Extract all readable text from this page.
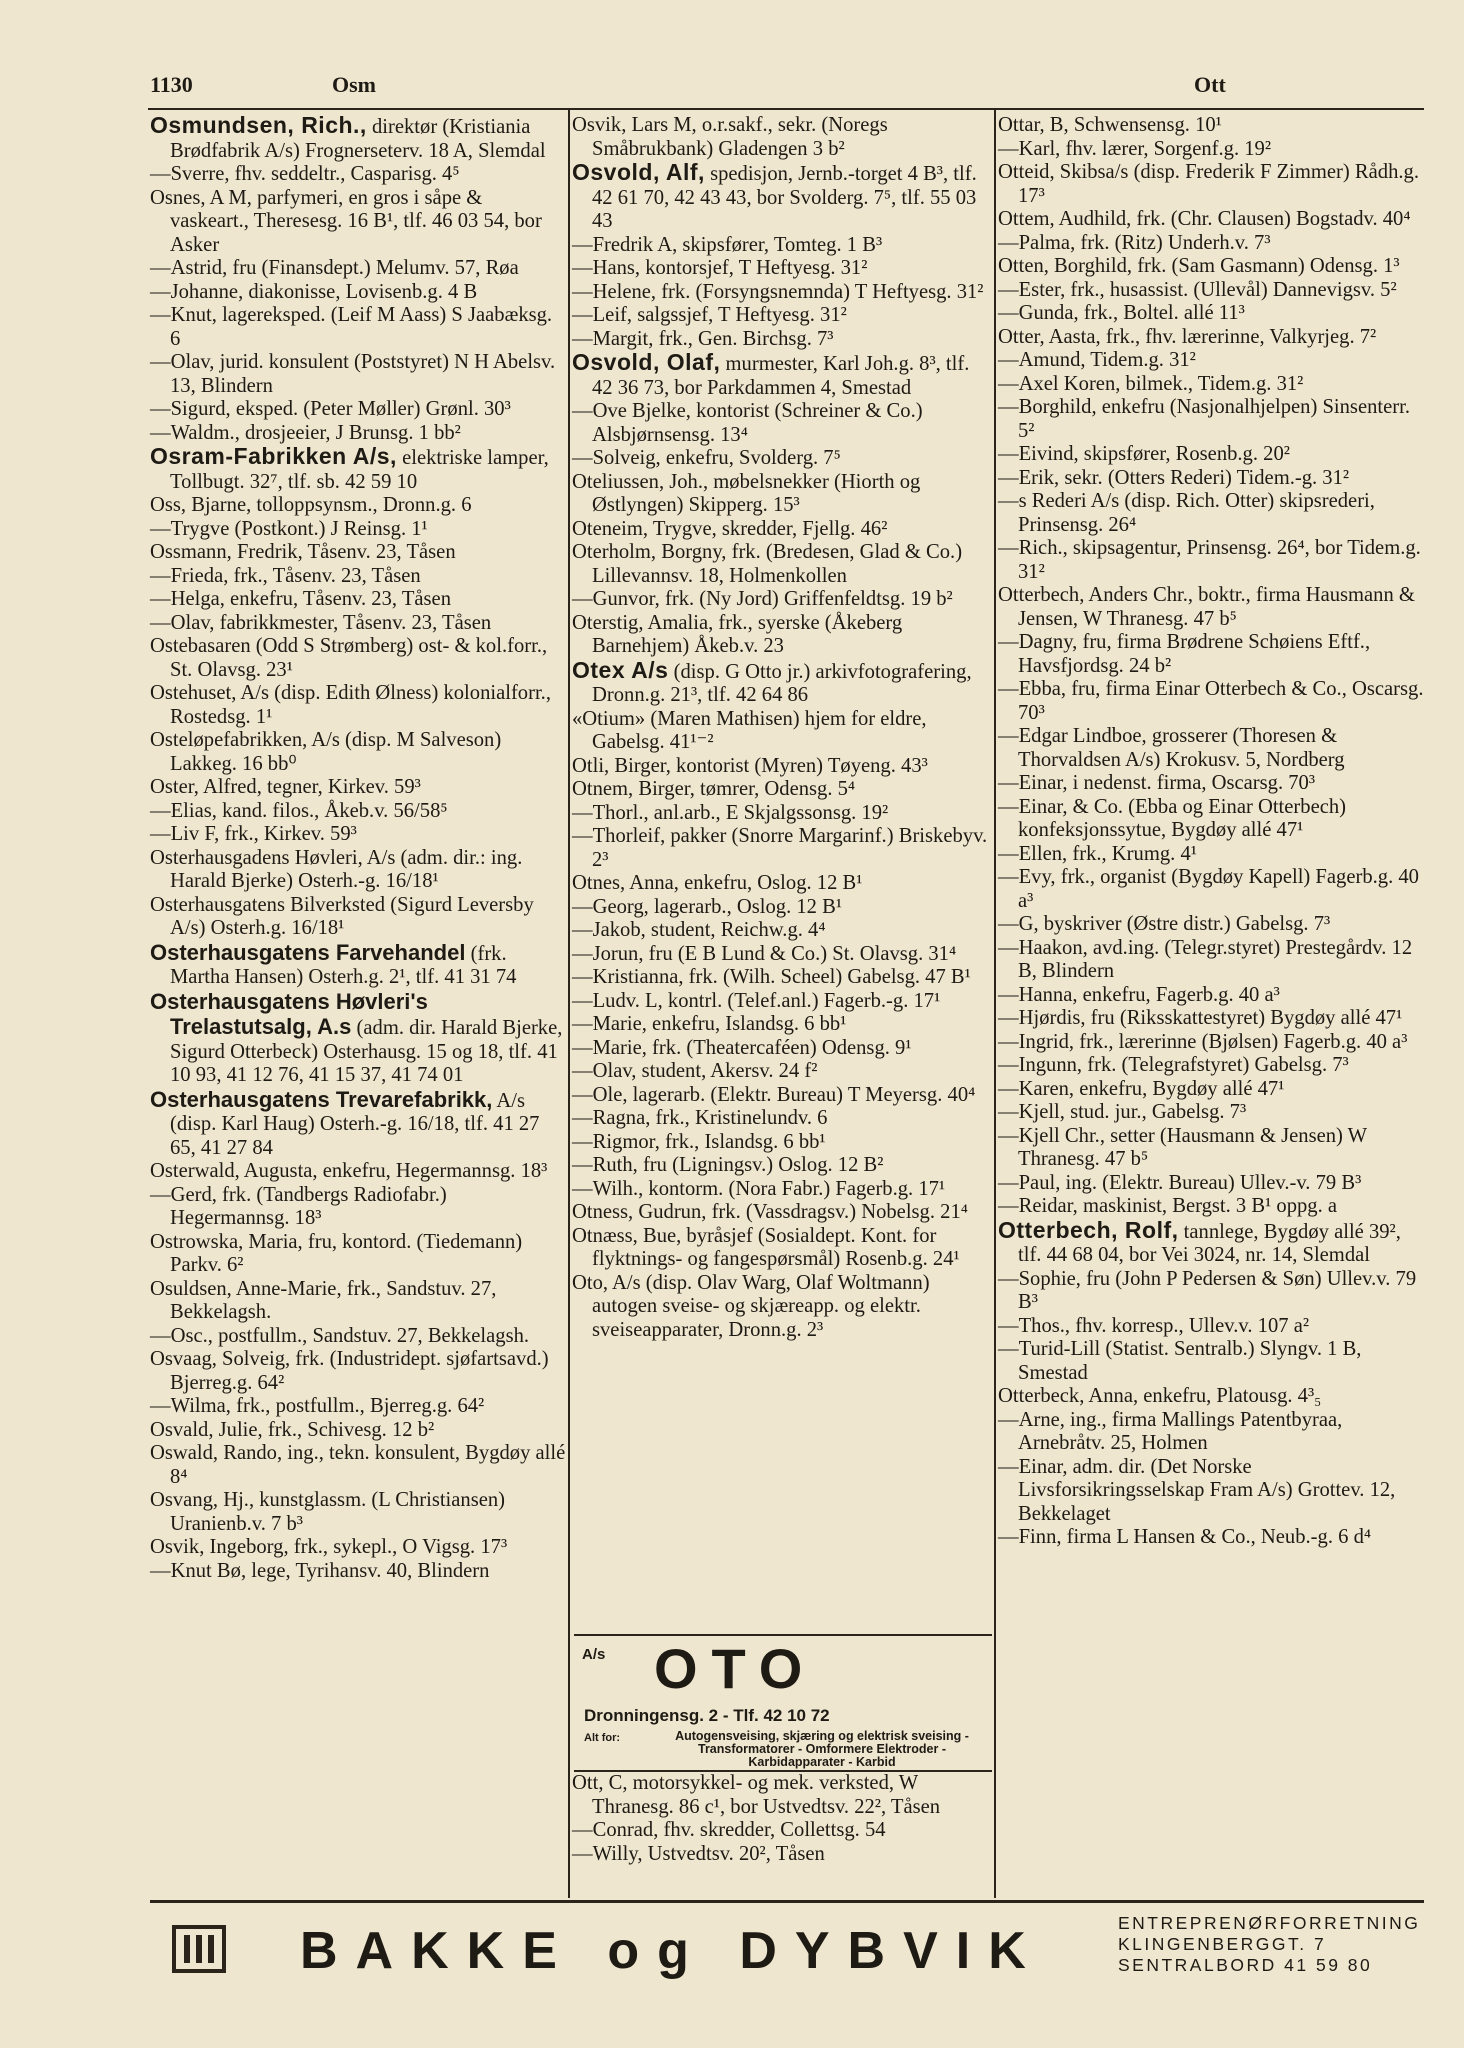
1130	Osm	Ott

Osmundsen, Rich., direktør (Kristiania Brødfabrik A/s) Frognerseterv. 18 A, Slemdal

—Sverre, fhv. seddeltr., Casparisg. 4⁵

Osnes, A M, parfymeri, en gros i såpe & vaskeart., Theresesg. 16 B¹, tlf. 46 03 54, bor Asker

—Astrid, fru (Finansdept.) Melumv. 57, Røa

—Johanne, diakonisse, Lovisenb.g. 4 B

—Knut, lagereksped. (Leif M Aass) S Jaabæksg. 6

—Olav, jurid. konsulent (Poststyret) N H Abelsv. 13, Blindern

—Sigurd, eksped. (Peter Møller) Grønl. 30³

—Waldm., drosjeeier, J Brunsg. 1 bb²

Osram-Fabrikken A/s, elektriske lamper, Tollbugt. 32⁷, tlf. sb. 42 59 10

Oss, Bjarne, tolloppsynsm., Dronn.g. 6

—Trygve (Postkont.) J Reinsg. 1¹

Ossmann, Fredrik, Tåsenv. 23, Tåsen

—Frieda, frk., Tåsenv. 23, Tåsen

—Helga, enkefru, Tåsenv. 23, Tåsen

—Olav, fabrikkmester, Tåsenv. 23, Tåsen

Ostebasaren (Odd S Strømberg) ost- & kol.forr., St. Olavsg. 23¹

Ostehuset, A/s (disp. Edith Ølness) kolonialforr., Rostedsg. 1¹

Osteløpefabrikken, A/s (disp. M Salveson) Lakkeg. 16 bb⁰

Oster, Alfred, tegner, Kirkev. 59³

—Elias, kand. filos., Åkeb.v. 56/58⁵

—Liv F, frk., Kirkev. 59³

Osterhausgadens Høvleri, A/s (adm. dir.: ing. Harald Bjerke) Osterh.-g. 16/18¹

Osterhausgatens Bilverksted (Sigurd Leversby A/s) Osterh.g. 16/18¹

Osterhausgatens Farvehandel (frk. Martha Hansen) Osterh.g. 2¹, tlf. 41 31 74

Osterhausgatens Høvleri's Trelastutsalg, A.s (adm. dir. Harald Bjerke, Sigurd Otterbeck) Osterhausg. 15 og 18, tlf. 41 10 93, 41 12 76, 41 15 37, 41 74 01

Osterhausgatens Trevarefabrikk, A/s (disp. Karl Haug) Osterh.-g. 16/18, tlf. 41 27 65, 41 27 84

Osterwald, Augusta, enkefru, Hegermannsg. 18³

—Gerd, frk. (Tandbergs Radiofabr.) Hegermannsg. 18³

Ostrowska, Maria, fru, kontord. (Tiedemann) Parkv. 6²

Osuldsen, Anne-Marie, frk., Sandstuv. 27, Bekkelagsh.

—Osc., postfullm., Sandstuv. 27, Bekkelagsh.

Osvaag, Solveig, frk. (Industridept. sjøfartsavd.) Bjerreg.g. 64²

—Wilma, frk., postfullm., Bjerreg.g. 64²

Osvald, Julie, frk., Schivesg. 12 b²

Oswald, Rando, ing., tekn. konsulent, Bygdøy allé 8⁴

Osvang, Hj., kunstglassm. (L Christiansen) Uranienb.v. 7 b³

Osvik, Ingeborg, frk., sykepl., O Vigsg. 17³

—Knut Bø, lege, Tyrihansv. 40, Blindern

Osvik, Lars M, o.r.sakf., sekr. (Noregs Småbrukbank) Gladengen 3 b²

Osvold, Alf, spedisjon, Jernb.-torget 4 B³, tlf. 42 61 70, 42 43 43, bor Svolderg. 7⁵, tlf. 55 03 43

—Fredrik A, skipsfører, Tomteg. 1 B³

—Hans, kontorsjef, T Heftyesg. 31²

—Helene, frk. (Forsyngsnemnda) T Heftyesg. 31²

—Leif, salgssjef, T Heftyesg. 31²

—Margit, frk., Gen. Birchsg. 7³

Osvold, Olaf, murmester, Karl Joh.g. 8³, tlf. 42 36 73, bor Parkdammen 4, Smestad

—Ove Bjelke, kontorist (Schreiner & Co.) Alsbjørnsensg. 13⁴

—Solveig, enkefru, Svolderg. 7⁵

Oteliussen, Joh., møbelsnekker (Hiorth og Østlyngen) Skipperg. 15³

Oteneim, Trygve, skredder, Fjellg. 46²

Oterholm, Borgny, frk. (Bredesen, Glad & Co.) Lillevannsv. 18, Holmenkollen

—Gunvor, frk. (Ny Jord) Griffenfeldtsg. 19 b²

Oterstig, Amalia, frk., syerske (Åkeberg Barnehjem) Åkeb.v. 23

Otex A/s (disp. G Otto jr.) arkivfotografering, Dronn.g. 21³, tlf. 42 64 86

«Otium» (Maren Mathisen) hjem for eldre, Gabelsg. 41¹⁻²

Otli, Birger, kontorist (Myren) Tøyeng. 43³

Otnem, Birger, tømrer, Odensg. 5⁴

—Thorl., anl.arb., E Skjalgssonsg. 19²

—Thorleif, pakker (Snorre Margarinf.) Briskebyv. 2³

Otnes, Anna, enkefru, Oslog. 12 B¹

—Georg, lagerarb., Oslog. 12 B¹

—Jakob, student, Reichw.g. 4⁴

—Jorun, fru (E B Lund & Co.) St. Olavsg. 31⁴

—Kristianna, frk. (Wilh. Scheel) Gabelsg. 47 B¹

—Ludv. L, kontrl. (Telef.anl.) Fagerb.-g. 17¹

—Marie, enkefru, Islandsg. 6 bb¹

—Marie, frk. (Theatercaféen) Odensg. 9¹

—Olav, student, Akersv. 24 f²

—Ole, lagerarb. (Elektr. Bureau) T Meyersg. 40⁴

—Ragna, frk., Kristinelundv. 6

—Rigmor, frk., Islandsg. 6 bb¹

—Ruth, fru (Ligningsv.) Oslog. 12 B²

—Wilh., kontorm. (Nora Fabr.) Fagerb.g. 17¹

Otness, Gudrun, frk. (Vassdragsv.) Nobelsg. 21⁴

Otnæss, Bue, byråsjef (Sosialdept. Kont. for flyktnings- og fangespørsmål) Rosenb.g. 24¹

Oto, A/s (disp. Olav Warg, Olaf Woltmann) autogen sveise- og skjæreapp. og elektr. sveiseapparater, Dronn.g. 2³

Ottar, B, Schwensensg. 10¹

—Karl, fhv. lærer, Sorgenf.g. 19²

Otteid, Skibsa/s (disp. Frederik F Zimmer) Rådh.g. 17³

Ottem, Audhild, frk. (Chr. Clausen) Bogstadv. 40⁴

—Palma, frk. (Ritz) Underh.v. 7³

Otten, Borghild, frk. (Sam Gasmann) Odensg. 1³

—Ester, frk., husassist. (Ullevål) Dannevigsv. 5²

—Gunda, frk., Boltel. allé 11³

Otter, Aasta, frk., fhv. lærerinne, Valkyrjeg. 7²

—Amund, Tidem.g. 31²

—Axel Koren, bilmek., Tidem.g. 31²

—Borghild, enkefru (Nasjonalhjelpen) Sinsenterr. 5²

—Eivind, skipsfører, Rosenb.g. 20²

—Erik, sekr. (Otters Rederi) Tidem.-g. 31²

—s Rederi A/s (disp. Rich. Otter) skipsrederi, Prinsensg. 26⁴

—Rich., skipsagentur, Prinsensg. 26⁴, bor Tidem.g. 31²

Otterbech, Anders Chr., boktr., firma Hausmann & Jensen, W Thranesg. 47 b⁵

—Dagny, fru, firma Brødrene Schøiens Eftf., Havsfjordsg. 24 b²

—Ebba, fru, firma Einar Otterbech & Co., Oscarsg. 70³

—Edgar Lindboe, grosserer (Thoresen & Thorvaldsen A/s) Krokusv. 5, Nordberg

—Einar, i nedenst. firma, Oscarsg. 70³

—Einar, & Co. (Ebba og Einar Otterbech) konfeksjonssytue, Bygdøy allé 47¹

—Ellen, frk., Krumg. 4¹

—Evy, frk., organist (Bygdøy Kapell) Fagerb.g. 40 a³

—G, byskriver (Østre distr.) Gabelsg. 7³

—Haakon, avd.ing. (Telegr.styret) Prestegårdv. 12 B, Blindern

—Hanna, enkefru, Fagerb.g. 40 a³

—Hjørdis, fru (Riksskattestyret) Bygdøy allé 47¹

—Ingrid, frk., lærerinne (Bjølsen) Fagerb.g. 40 a³

—Ingunn, frk. (Telegrafstyret) Gabelsg. 7³

—Karen, enkefru, Bygdøy allé 47¹

—Kjell, stud. jur., Gabelsg. 7³

—Kjell Chr., setter (Hausmann & Jensen) W Thranesg. 47 b⁵

—Paul, ing. (Elektr. Bureau) Ullev.-v. 79 B³

—Reidar, maskinist, Bergst. 3 B¹ oppg. a

Otterbech, Rolf, tannlege, Bygdøy allé 39², tlf. 44 68 04, bor Vei 3024, nr. 14, Slemdal

—Sophie, fru (John P Pedersen & Søn) Ullev.v. 79 B³

—Thos., fhv. korresp., Ullev.v. 107 a²

—Turid-Lill (Statist. Sentralb.) Slyngv. 1 B, Smestad

Otterbeck, Anna, enkefru, Platousg. 4³₅

—Arne, ing., firma Mallings Patentbyraa, Arnebråtv. 25, Holmen

—Einar, adm. dir. (Det Norske Livsforsikringsselskap Fram A/s) Grottev. 12, Bekkelaget

—Finn, firma L Hansen & Co., Neub.-g. 6 d⁴

A/s OTO
Dronningensg. 2 - Tlf. 42 10 72
Alt for:	Autogensveising, skjæring og elektrisk sveising - Transformatorer - Omformere Elektroder - Karbidapparater - Karbid

Ott, C, motorsykkel- og mek. verksted, W Thranesg. 86 c¹, bor Ustvedtsv. 22², Tåsen

—Conrad, fhv. skredder, Collettsg. 54

—Willy, Ustvedtsv. 20², Tåsen

BAKKE og DYBVIK	ENTREPRENØRFORRETNING
KLINGENBERGGT. 7
SENTRALBORD 41 59 80
